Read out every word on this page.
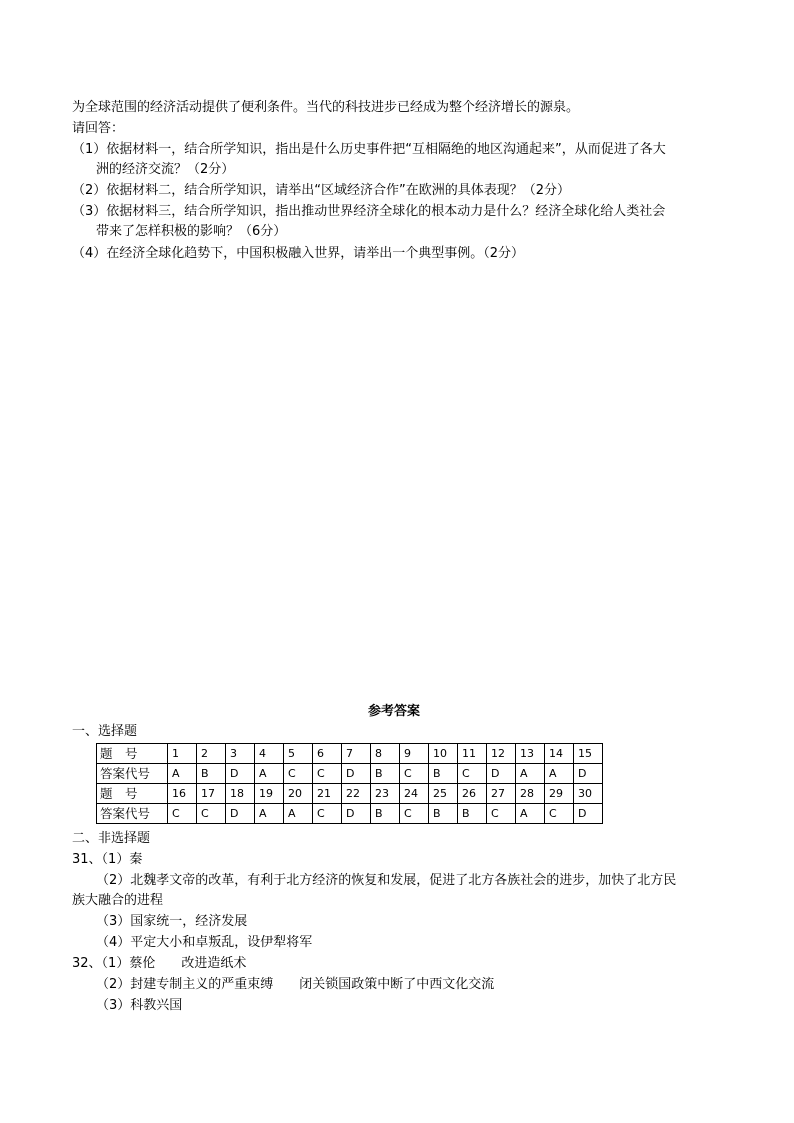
为全球范围的经济活动提供了便利条件。当代的科技进步已经成为整个经济增长的源泉。
请回答：
（1）依据材料一，结合所学知识，指出是什么历史事件把“互相隔绝的地区沟通起来”，从而促进了各大
洲的经济交流？（2分）
（2）依据材料二，结合所学知识，请举出“区域经济合作”在欧洲的具体表现？（2分）
（3）依据材料三，结合所学知识，指出推动世界经济全球化的根本动力是什么？经济全球化给人类社会
带来了怎样积极的影响？（6分）
（4）在经济全球化趋势下，中国积极融入世界，请举出一个典型事例。（2分）
参考答案
一、选择题
题　号	1	2	3	4	5	6	7	8	9	10	11	12	13	14	15
答案代号	A	B	D	A	C	C	D	B	C	B	C	D	A	A	D
题　号	16	17	18	19	20	21	22	23	24	25	26	27	28	29	30
答案代号	C	C	D	A	A	C	D	B	C	B	B	C	A	C	D
二、非选择题
31、（1）秦
（2）北魏孝文帝的改革，有利于北方经济的恢复和发展，促进了北方各族社会的进步，加快了北方民
族大融合的进程
（3）国家统一，经济发展
（4）平定大小和卓叛乱，设伊犁将军
32、（1）蔡伦　　改进造纸术
（2）封建专制主义的严重束缚　　闭关锁国政策中断了中西文化交流
（3）科教兴国
